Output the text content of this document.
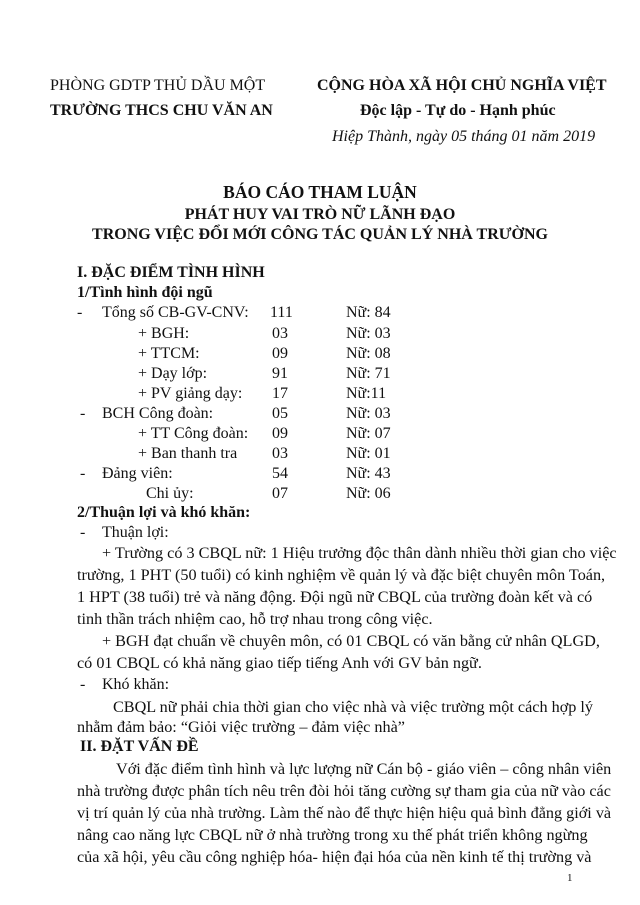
PHÒNG GDTP THỦ DẦU MỘT
TRƯỜNG THCS CHU VĂN AN
CỘNG HÒA XÃ HỘI CHỦ NGHĨA VIỆT
Độc lập - Tự do - Hạnh phúc
Hiệp Thành, ngày 05 tháng 01 năm 2019
BÁO CÁO THAM LUẬN
PHÁT HUY VAI TRÒ NỮ LÃNH ĐẠO
TRONG VIỆC ĐỔI MỚI CÔNG TÁC QUẢN LÝ NHÀ TRƯỜNG
I. ĐẶC ĐIỂM TÌNH HÌNH
1/Tình hình đội ngũ
- Tổng số CB-GV-CNV: 111	Nữ: 84
+ BGH:	03	Nữ: 03
+ TTCM:	09	Nữ: 08
+ Dạy lớp:	91	Nữ: 71
+ PV giảng dạy: 17	Nữ:11
- BCH Công đoàn:	05	Nữ: 03
+ TT Công đoàn: 09	Nữ: 07
+ Ban thanh tra 03	Nữ: 01
- Đảng viên:	54	Nữ: 43
Chi ủy:	07	Nữ: 06
2/Thuận lợi và khó khăn:
- Thuận lợi:
+ Trường có 3 CBQL nữ: 1 Hiệu trưởng độc thân dành nhiều thời gian cho việc
trường, 1 PHT (50 tuổi) có kinh nghiệm về quản lý và đặc biệt chuyên môn Toán,
1 HPT (38 tuổi) trẻ và năng động. Đội ngũ nữ CBQL của trường đoàn kết và có
tinh thần trách nhiệm cao, hỗ trợ nhau trong công việc.
+ BGH đạt chuẩn về chuyên môn, có 01 CBQL có văn bằng cử nhân QLGD,
có 01 CBQL có khả năng giao tiếp tiếng Anh với GV bản ngữ.
- Khó khăn:
CBQL nữ phải chia thời gian cho việc nhà và việc trường một cách hợp lý
nhằm đảm bảo: “Giỏi việc trường – đảm việc nhà”
II. ĐẶT VẤN ĐỀ
Với đặc điểm tình hình và lực lượng nữ Cán bộ - giáo viên – công nhân viên
nhà trường được phân tích nêu trên đòi hỏi tăng cường sự tham gia của nữ vào các
vị trí quản lý của nhà trường. Làm thế nào để thực hiện hiệu quả bình đẳng giới và
nâng cao năng lực CBQL nữ ở nhà trường trong xu thế phát triển không ngừng
của xã hội, yêu cầu công nghiệp hóa- hiện đại hóa của nền kinh tế thị trường và
1
